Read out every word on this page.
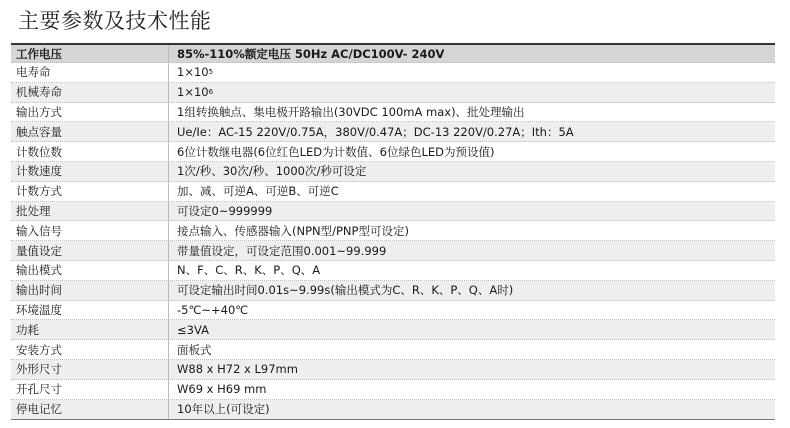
主要参数及技术性能
工作电压	85%-110%额定电压 50Hz AC/DC100V- 240V
电寿命	1×10 5
机械寿命	1×10 6
输出方式	1组转换触点、集电极开路输出(30VDC 100mA max)、批处理输出
触点容量	Ue/Ie：AC-15 220V/0.75A，380V/0.47A；DC-13 220V/0.27A；Ith：5A
计数位数	6位计数继电器(6位红色LED为计数值、6位绿色LED为预设值)
计数速度	1次/秒、30次/秒、1000次/秒可设定
计数方式	加、减、可逆A、可逆B、可逆C
批处理	可设定0~999999
输入信号	接点输入、传感器输入(NPN型/PNP型可设定)
量值设定	带量值设定，可设定范围0.001~99.999
输出模式	N、F、C、R、K、P、Q、A
输出时间	可设定输出时间0.01s~9.99s(输出模式为C、R、K、P、Q、A时)
环境温度	-5℃~+40℃
功耗	≤3VA
安装方式	面板式
外形尺寸	W88 x H72 x L97mm
开孔尺寸	W69 x H69 mm
停电记忆	10年以上(可设定)
